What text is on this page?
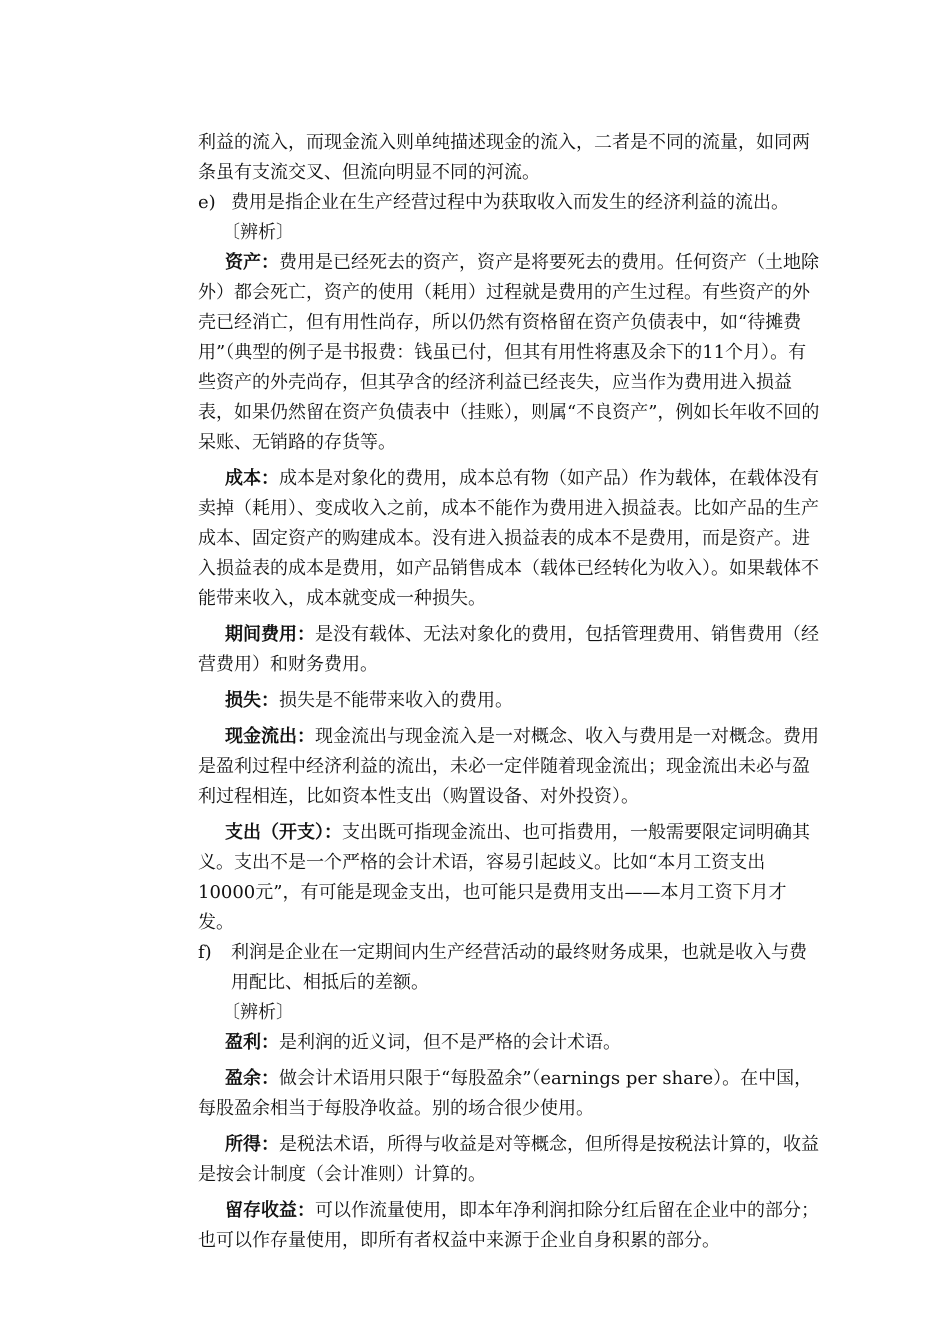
利益的流入，而现金流入则单纯描述现金的流入，二者是不同的流量，如同两条虽有支流交叉、但流向明显不同的河流。

e) 费用是指企业在生产经营过程中为获取收入而发生的经济利益的流出。

〔辨析〕

资产：费用是已经死去的资产，资产是将要死去的费用。任何资产（土地除外）都会死亡，资产的使用（耗用）过程就是费用的产生过程。有些资产的外壳已经消亡，但有用性尚存，所以仍然有资格留在资产负债表中，如“待摊费用”（典型的例子是书报费：钱虽已付，但其有用性将惠及余下的11个月）。有些资产的外壳尚存，但其孕含的经济利益已经丧失，应当作为费用进入损益表，如果仍然留在资产负债表中（挂账），则属“不良资产”，例如长年收不回的呆账、无销路的存货等。

成本：成本是对象化的费用，成本总有物（如产品）作为载体，在载体没有卖掉（耗用）、变成收入之前，成本不能作为费用进入损益表。比如产品的生产成本、固定资产的购建成本。没有进入损益表的成本不是费用，而是资产。进入损益表的成本是费用，如产品销售成本（载体已经转化为收入）。如果载体不能带来收入，成本就变成一种损失。

期间费用：是没有载体、无法对象化的费用，包括管理费用、销售费用（经营费用）和财务费用。

损失：损失是不能带来收入的费用。

现金流出：现金流出与现金流入是一对概念、收入与费用是一对概念。费用是盈利过程中经济利益的流出，未必一定伴随着现金流出；现金流出未必与盈利过程相连，比如资本性支出（购置设备、对外投资）。

支出（开支）：支出既可指现金流出、也可指费用，一般需要限定词明确其义。支出不是一个严格的会计术语，容易引起歧义。比如“本月工资支出10000元”，有可能是现金支出，也可能只是费用支出——本月工资下月才发。

f) 利润是企业在一定期间内生产经营活动的最终财务成果，也就是收入与费用配比、相抵后的差额。

〔辨析〕

盈利：是利润的近义词，但不是严格的会计术语。

盈余：做会计术语用只限于“每股盈余”（earnings per share）。在中国，每股盈余相当于每股净收益。别的场合很少使用。

所得：是税法术语，所得与收益是对等概念，但所得是按税法计算的，收益是按会计制度（会计准则）计算的。

留存收益：可以作流量使用，即本年净利润扣除分红后留在企业中的部分；也可以作存量使用，即所有者权益中来源于企业自身积累的部分。
